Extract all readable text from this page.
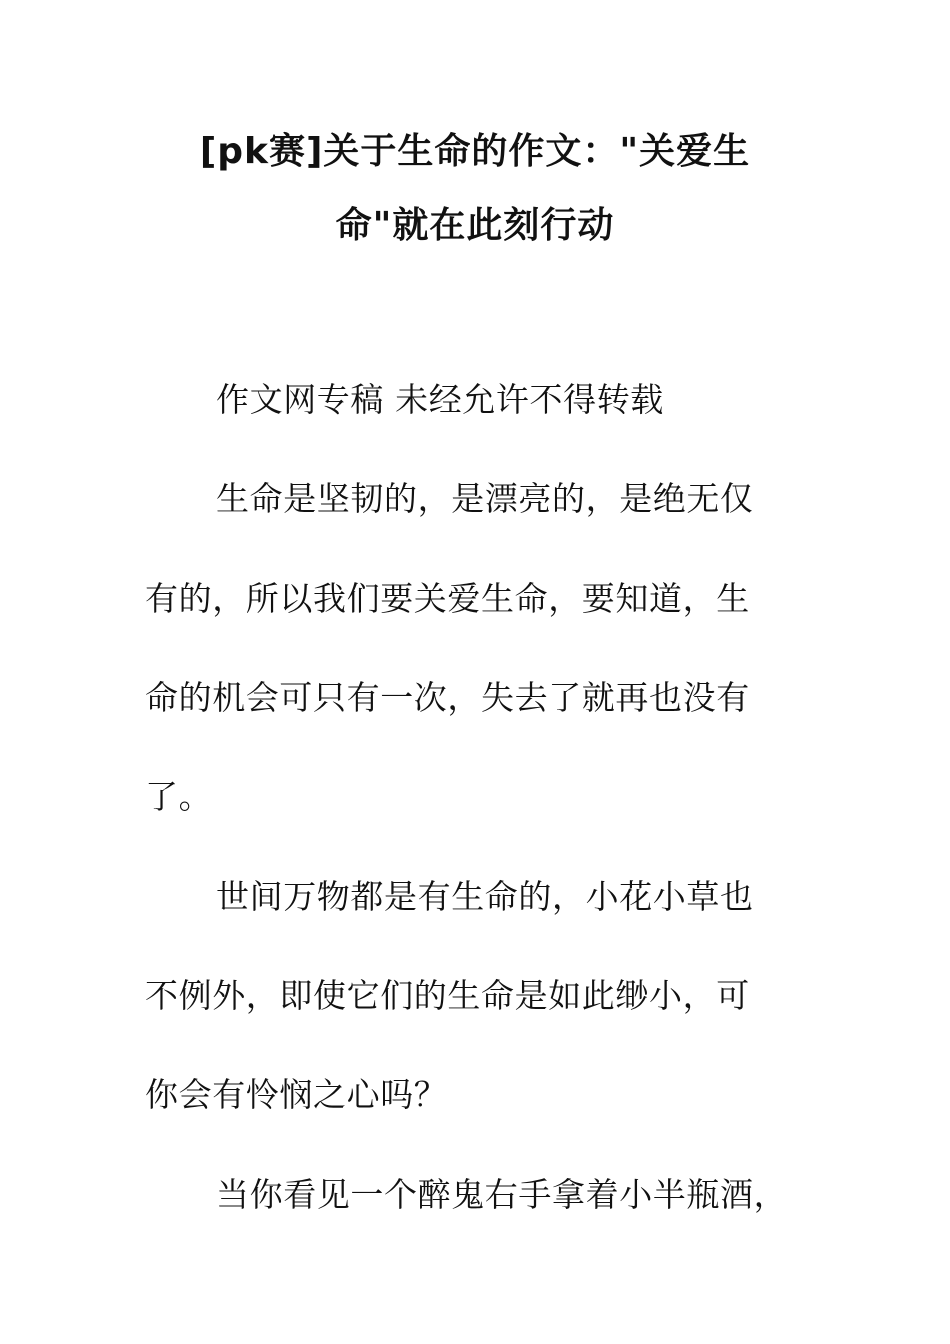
[pk赛]关于生命的作文："关爱生
命"就在此刻行动
作文网专稿 未经允许不得转载
生命是坚韧的，是漂亮的，是绝无仅
有的，所以我们要关爱生命，要知道，生
命的机会可只有一次，失去了就再也没有
了。
世间万物都是有生命的，小花小草也
不例外，即使它们的生命是如此缈小，可
你会有怜悯之心吗？
当你看见一个醉鬼右手拿着小半瓶酒，
